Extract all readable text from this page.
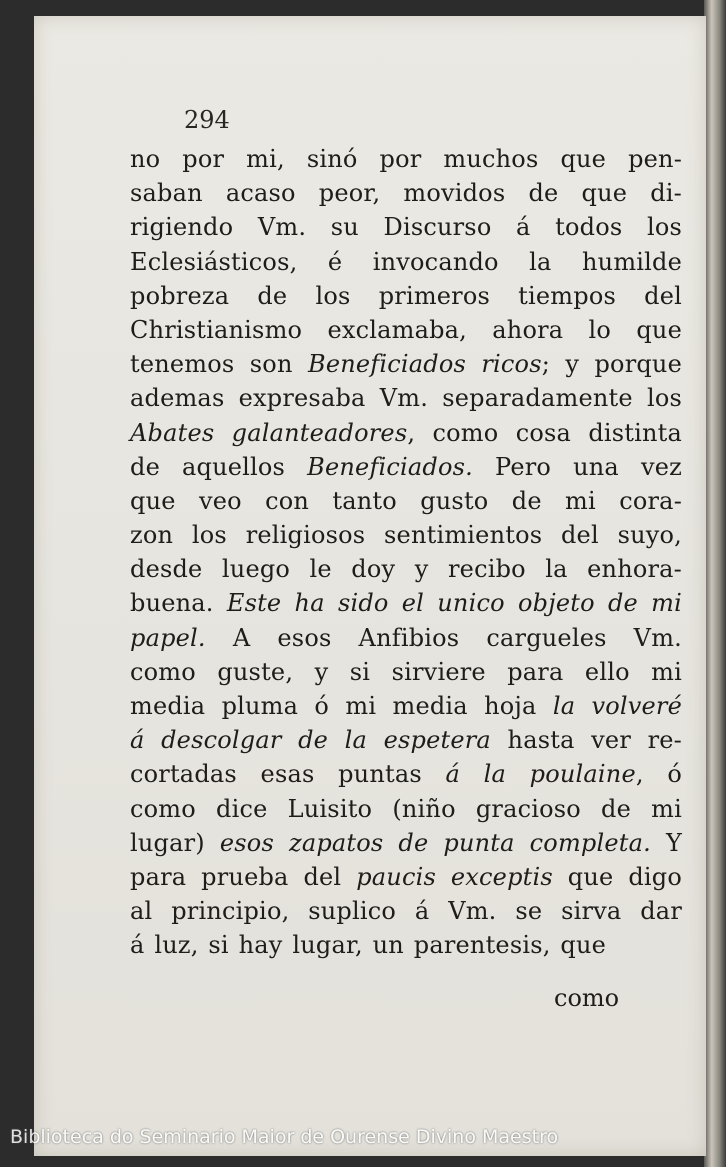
294

no por mi, sinó por muchos que pen-
saban acaso peor, movidos de que di-
rigiendo Vm. su Discurso á todos los
Eclesiásticos, é invocando la humilde
pobreza de los primeros tiempos del
Christianismo exclamaba, ahora lo que
tenemos son Beneficiados ricos; y porque
ademas expresaba Vm. separadamente los
Abates galanteadores, como cosa distinta
de aquellos Beneficiados. Pero una vez
que veo con tanto gusto de mi cora-
zon los religiosos sentimientos del suyo,
desde luego le doy y recibo la enhora-
buena. Este ha sido el unico objeto de mi
papel. A esos Anfibios cargueles Vm.
como guste, y si sirviere para ello mi
media pluma ó mi media hoja la volveré
á descolgar de la espetera hasta ver re-
cortadas esas puntas á la poulaine, ó
como dice Luisito (niño gracioso de mi
lugar) esos zapatos de punta completa. Y
para prueba del paucis exceptis que digo
al principio, suplico á Vm. se sirva dar
á luz, si hay lugar, un parentesis, que
como
Biblioteca do Seminario Maior de Ourense Divino Maestro
